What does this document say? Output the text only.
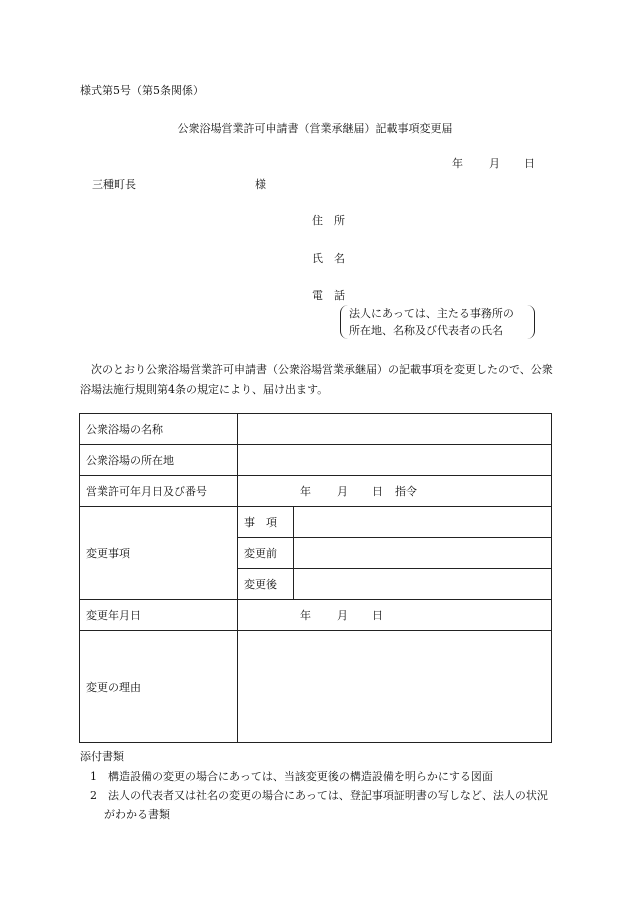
様式第5号（第5条関係）
公衆浴場営業許可申請書（営業承継届）記載事項変更届
年 月 日
三種町長	様
住　所
氏　名
電　話
法人にあっては、主たる事務所の
所在地、名称及び代表者の氏名
次のとおり公衆浴場営業許可申請書（公衆浴場営業承継届）の記載事項を変更したので、公衆浴場法施行規則第4条の規定により、届け出ます。
公衆浴場の名称		
公衆浴場の所在地		
営業許可年月日及び番号	年 月 日 指令	
変更事項	事　項	
	変更前	
	変更後	
変更年月日	年 月 日	
変更の理由		
添付書類
1　構造設備の変更の場合にあっては、当該変更後の構造設備を明らかにする図面
2　法人の代表者又は社名の変更の場合にあっては、登記事項証明書の写しなど、法人の状況がわかる書類
